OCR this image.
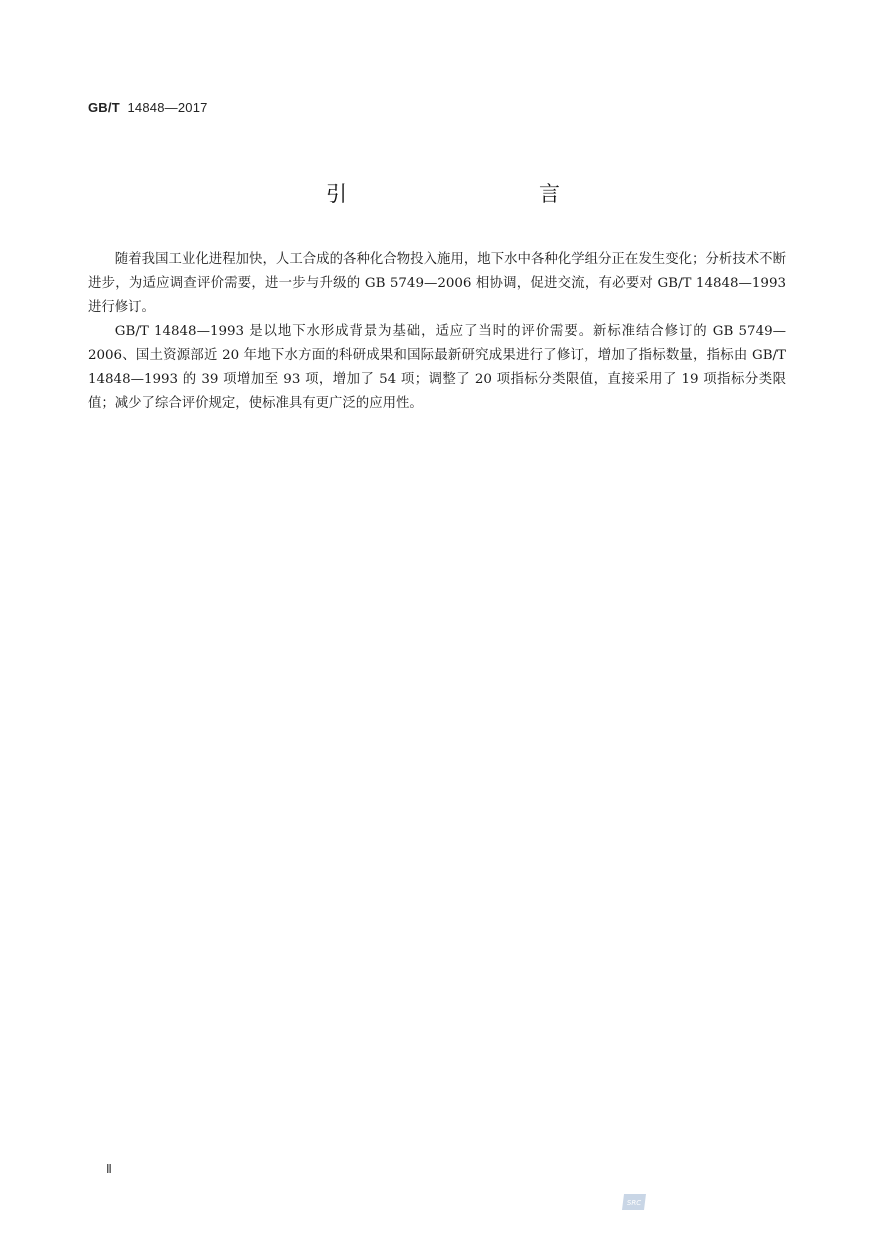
GB/T 14848—2017
引　　言

随着我国工业化进程加快，人工合成的各种化合物投入施用，地下水中各种化学组分正在发生变化；分析技术不断进步，为适应调查评价需要，进一步与升级的 GB 5749—2006 相协调，促进交流，有必要对 GB/T 14848—1993 进行修订。

GB/T 14848—1993 是以地下水形成背景为基础，适应了当时的评价需要。新标准结合修订的 GB 5749—2006、国土资源部近 20 年地下水方面的科研成果和国际最新研究成果进行了修订，增加了指标数量，指标由 GB/T 14848—1993 的 39 项增加至 93 项，增加了 54 项；调整了 20 项指标分类限值，直接采用了 19 项指标分类限值；减少了综合评价规定，使标准具有更广泛的应用性。

Ⅱ
SRC
